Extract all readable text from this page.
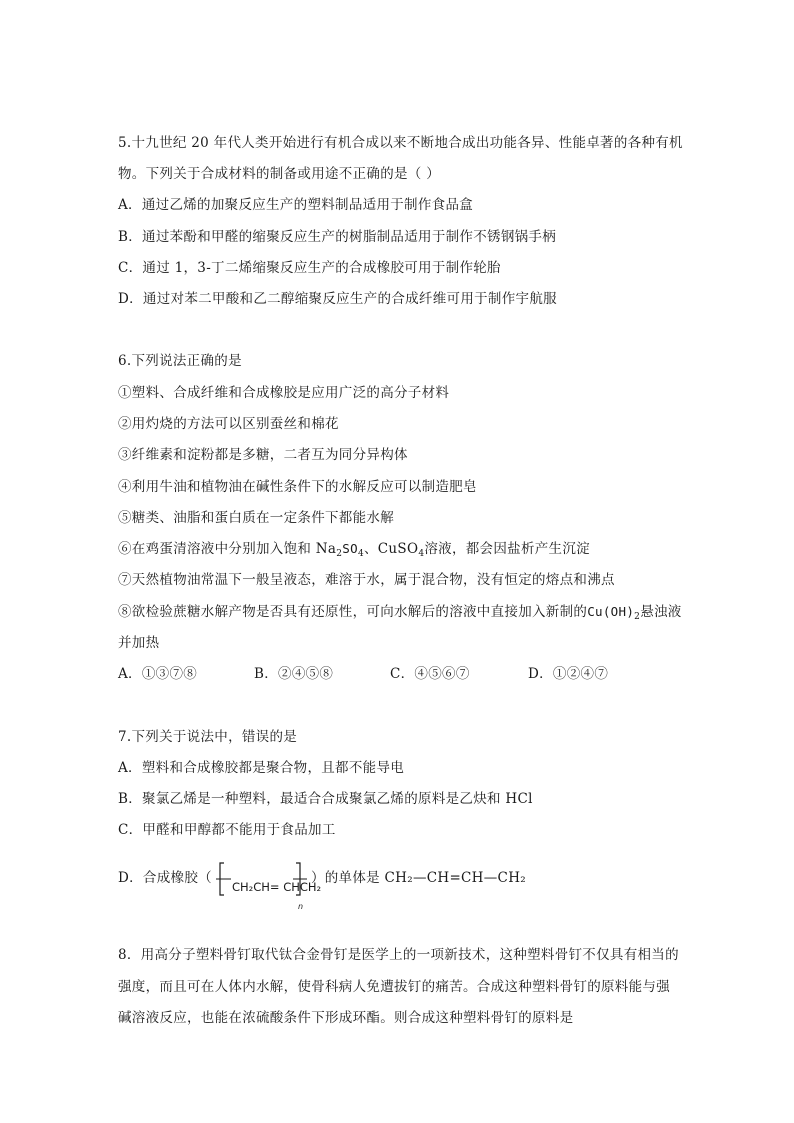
5.十九世纪 20 年代人类开始进行有机合成以来不断地合成出功能各异、性能卓著的各种有机
物。下列关于合成材料的制备或用途不正确的是（ ）
A．通过乙烯的加聚反应生产的塑料制品适用于制作食品盒
B．通过苯酚和甲醛的缩聚反应生产的树脂制品适用于制作不锈钢锅手柄
C．通过 1，3-丁二烯缩聚反应生产的合成橡胶可用于制作轮胎
D．通过对苯二甲酸和乙二醇缩聚反应生产的合成纤维可用于制作宇航服
6.下列说法正确的是
①塑料、合成纤维和合成橡胶是应用广泛的高分子材料
②用灼烧的方法可以区别蚕丝和棉花
③纤维素和淀粉都是多糖，二者互为同分异构体
④利用牛油和植物油在碱性条件下的水解反应可以制造肥皂
⑤糖类、油脂和蛋白质在一定条件下都能水解
⑥在鸡蛋清溶液中分别加入饱和 $Na_2SO_4$、CuSO$_4$溶液，都会因盐析产生沉淀
⑦天然植物油常温下一般呈液态，难溶于水，属于混合物，没有恒定的熔点和沸点
⑧欲检验蔗糖水解产物是否具有还原性，可向水解后的溶液中直接加入新制的$Cu(OH)_2$悬浊液
并加热
A．①③⑦⑧	B．②④⑤⑧	C．④⑤⑥⑦	D．①②④⑦
7.下列关于说法中，错误的是
A．塑料和合成橡胶都是聚合物，且都不能导电
B．聚氯乙烯是一种塑料，最适合合成聚氯乙烯的原料是乙炔和 HCl
C．甲醛和甲醇都不能用于食品加工
D．合成橡胶（
CH₂CH= CHCH₂
n
）的单体是 CH₂—CH=CH—CH₂
8．用高分子塑料骨钉取代钛合金骨钉是医学上的一项新技术，这种塑料骨钉不仅具有相当的
强度，而且可在人体内水解，使骨科病人免遭拔钉的痛苦。合成这种塑料骨钉的原料能与强
碱溶液反应，也能在浓硫酸条件下形成环酯。则合成这种塑料骨钉的原料是
